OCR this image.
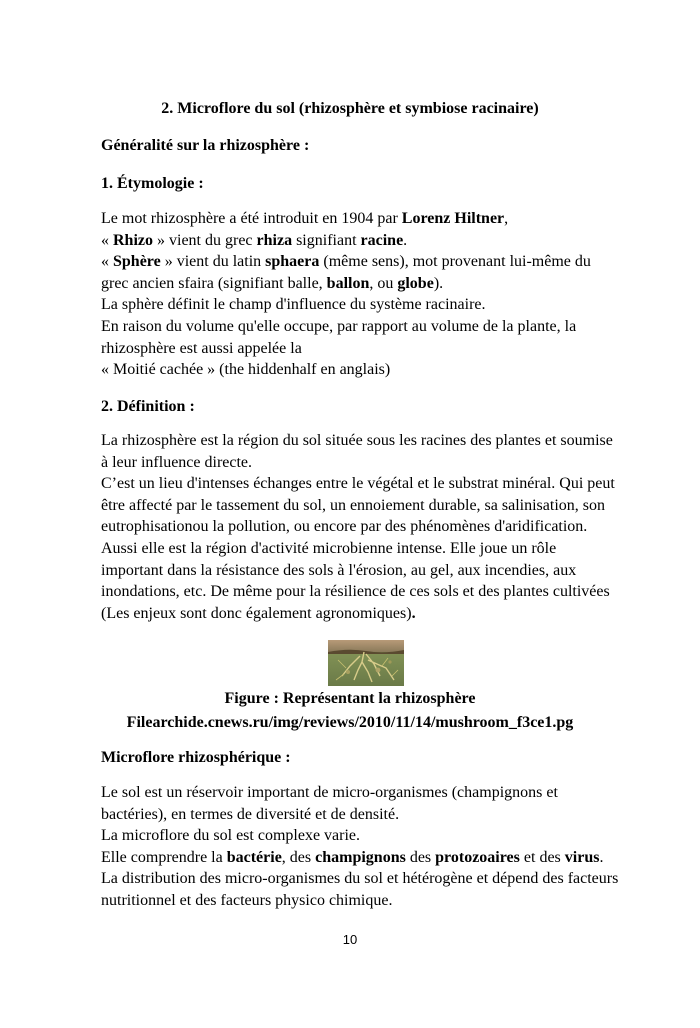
2. Microflore du sol (rhizosphère et symbiose racinaire)
Généralité sur la rhizosphère :
1. Étymologie :
Le mot rhizosphère a été introduit en 1904 par Lorenz Hiltner,
« Rhizo » vient du grec rhiza signifiant racine.
« Sphère » vient du latin sphaera (même sens), mot provenant lui-même du
grec ancien sfaira (signifiant balle, ballon, ou globe).
La sphère définit le champ d'influence du système racinaire.
En raison du volume qu'elle occupe, par rapport au volume de la plante, la
rhizosphère est aussi appelée la
« Moitié cachée » (the hiddenhalf en anglais)
2. Définition :
La rhizosphère est la région du sol située sous les racines des plantes et soumise
à leur influence directe.
C’est un lieu d'intenses échanges entre le végétal et le substrat minéral. Qui peut
être affecté par le tassement du sol, un ennoiement durable, sa salinisation, son
eutrophisationou la pollution, ou encore par des phénomènes d'aridification.
Aussi elle est la région d'activité microbienne intense. Elle joue un rôle
important dans la résistance des sols à l'érosion, au gel, aux incendies, aux
inondations, etc. De même pour la résilience de ces sols et des plantes cultivées
(Les enjeux sont donc également agronomiques).
Figure : Représentant la rhizosphère
Filearchide.cnews.ru/img/reviews/2010/11/14/mushroom_f3ce1.pg
Microflore rhizosphérique :
Le sol est un réservoir important de micro-organismes (champignons et
bactéries), en termes de diversité et de densité.
La microflore du sol est complexe varie.
Elle comprendre la bactérie, des champignons des protozoaires et des virus.
La distribution des micro-organismes du sol et hétérogène et dépend des facteurs
nutritionnel et des facteurs physico chimique.
10
